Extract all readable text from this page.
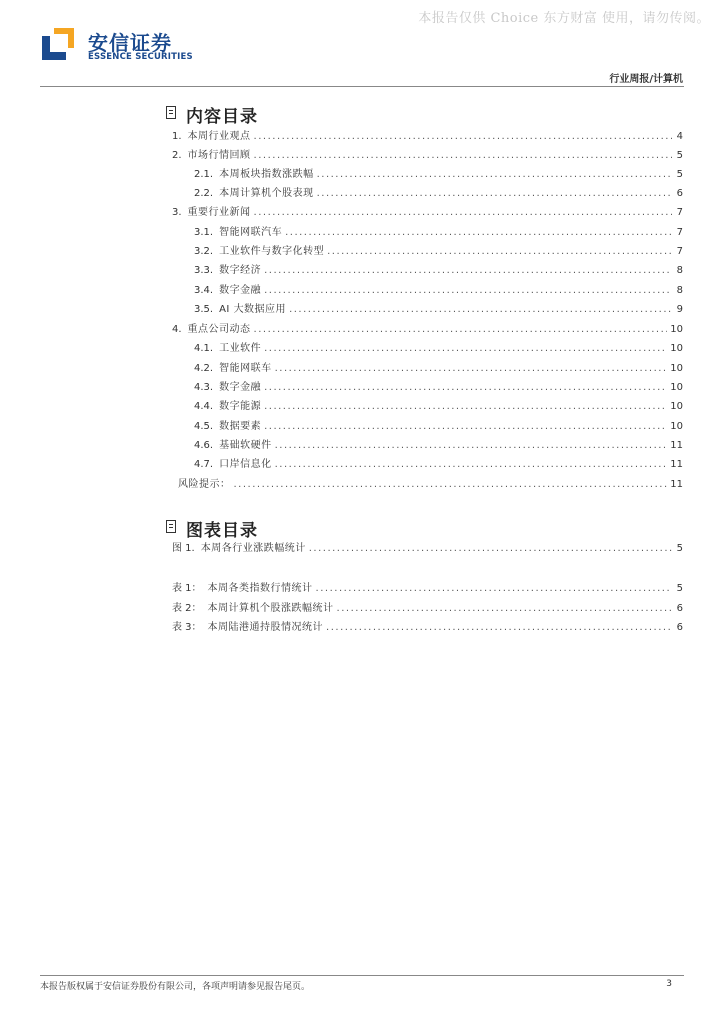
本报告仅供 Choice 东方财富 使用，请勿传阅。
安信证券
ESSENCE SECURITIES
行业周报/计算机
内容目录
1. 本周行业观点 .....	4
2. 市场行情回顾 .....	5
2.1. 本周板块指数涨跌幅 .....	5
2.2. 本周计算机个股表现 .....	6
3. 重要行业新闻 .....	7
3.1. 智能网联汽车 .....	7
3.2. 工业软件与数字化转型 .....	7
3.3. 数字经济 .....	8
3.4. 数字金融 .....	8
3.5. AI 大数据应用 .....	9
4. 重点公司动态 .....	10
4.1. 工业软件 .....	10
4.2. 智能网联车 .....	10
4.3. 数字金融 .....	10
4.4. 数字能源 .....	10
4.5. 数据要素 .....	10
4.6. 基础软硬件 .....	11
4.7. 口岸信息化 .....	11
风险提示： .....	11
图表目录
图 1. 本周各行业涨跌幅统计 .....	5
表 1： 本周各类指数行情统计 .....	5
表 2： 本周计算机个股涨跌幅统计 .....	6
表 3： 本周陆港通持股情况统计 .....	6
本报告版权属于安信证券股份有限公司，各项声明请参见报告尾页。	3
